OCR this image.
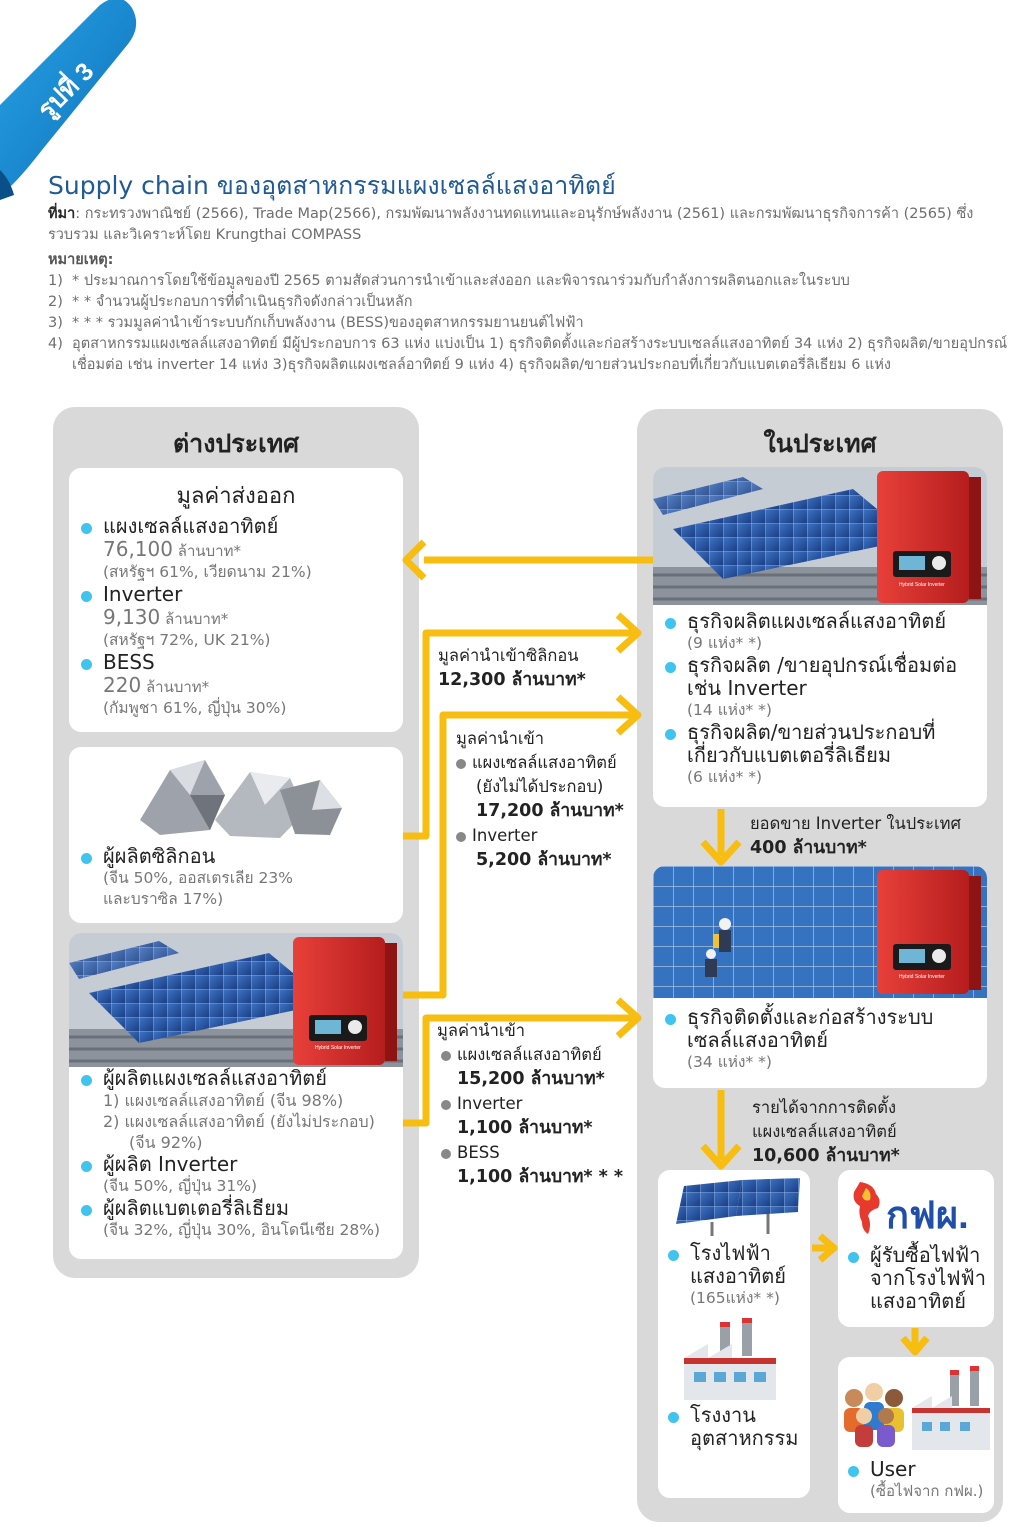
รูปที่ 3
Supply chain ของอุตสาหกรรมแผงเซลล์แสงอาทิตย์
ที่มา: กระทรวงพาณิชย์ (2566), Trade Map(2566), กรมพัฒนาพลังงานทดแทนและอนุรักษ์พลังงาน (2561) และกรมพัฒนาธุรกิจการค้า (2565) ซึ่งรวบรวม และวิเคราะห์โดย Krungthai COMPASS
หมายเหตุ:
1) * ประมาณการโดยใช้ข้อมูลของปี 2565 ตามสัดส่วนการนำเข้าและส่งออก และพิจารณาร่วมกับกำลังการผลิตนอกและในระบบ
2) * * จำนวนผู้ประกอบการที่ดำเนินธุรกิจดังกล่าวเป็นหลัก
3) * * * รวมมูลค่านำเข้าระบบกักเก็บพลังงาน (BESS)ของอุตสาหกรรมยานยนต์ไฟฟ้า
4) อุตสาหกรรมแผงเซลล์แสงอาทิตย์ มีผู้ประกอบการ 63 แห่ง แบ่งเป็น 1) ธุรกิจติดตั้งและก่อสร้างระบบเซลล์แสงอาทิตย์ 34 แห่ง 2) ธุรกิจผลิต/ขายอุปกรณ์เชื่อมต่อ เช่น inverter 14 แห่ง 3)ธุรกิจผลิตแผงเซลล์อาทิตย์ 9 แห่ง 4) ธุรกิจผลิต/ขายส่วนประกอบที่เกี่ยวกับแบตเตอรี่ลิเธียม 6 แห่ง
ต่างประเทศ
มูลค่าส่งออก
แผงเซลล์แสงอาทิตย์
76,100 ล้านบาท*
(สหรัฐฯ 61%, เวียดนาม 21%)
Inverter
9,130 ล้านบาท*
(สหรัฐฯ 72%, UK 21%)
BESS
220 ล้านบาท*
(กัมพูชา 61%, ญี่ปุ่น 30%)
ผู้ผลิตซิลิกอน
(จีน 50%, ออสเตรเลีย 23%
และบราซิล 17%)
Hybrid Solar Inverter
ผู้ผลิตแผงเซลล์แสงอาทิตย์
1) แผงเซลล์แสงอาทิตย์ (จีน 98%)
2) แผงเซลล์แสงอาทิตย์ (ยังไม่ประกอบ)
(จีน 92%)
ผู้ผลิต Inverter
(จีน 50%, ญี่ปุ่น 31%)
ผู้ผลิตแบตเตอรี่ลิเธียม
(จีน 32%, ญี่ปุ่น 30%, อินโดนีเซีย 28%)
ในประเทศ
Hybrid Solar Inverter
ธุรกิจผลิตแผงเซลล์แสงอาทิตย์
(9 แห่ง* *)
ธุรกิจผลิต /ขายอุปกรณ์เชื่อมต่อ
เช่น Inverter
(14 แห่ง* *)
ธุรกิจผลิต/ขายส่วนประกอบที่
เกี่ยวกับแบตเตอรี่ลิเธียม
(6 แห่ง* *)
Hybrid Solar Inverter
ธุรกิจติดตั้งและก่อสร้างระบบ
เซลล์แสงอาทิตย์
(34 แห่ง* *)
โรงไฟฟ้า
แสงอาทิตย์
(165แห่ง* *)
โรงงาน
อุตสาหกรรม
กฟผ.
ผู้รับซื้อไฟฟ้า
จากโรงไฟฟ้า
แสงอาทิตย์
User
(ซื้อไฟจาก กฟผ.)
มูลค่านำเข้าซิลิกอน
12,300 ล้านบาท*
มูลค่านำเข้า
แผงเซลล์แสงอาทิตย์
(ยังไม่ได้ประกอบ)
17,200 ล้านบาท*
Inverter
5,200 ล้านบาท*
มูลค่านำเข้า
แผงเซลล์แสงอาทิตย์
15,200 ล้านบาท*
Inverter
1,100 ล้านบาท*
BESS
1,100 ล้านบาท* * *
ยอดขาย Inverter ในประเทศ
400 ล้านบาท*
รายได้จากการติดตั้ง
แผงเซลล์แสงอาทิตย์
10,600 ล้านบาท*
